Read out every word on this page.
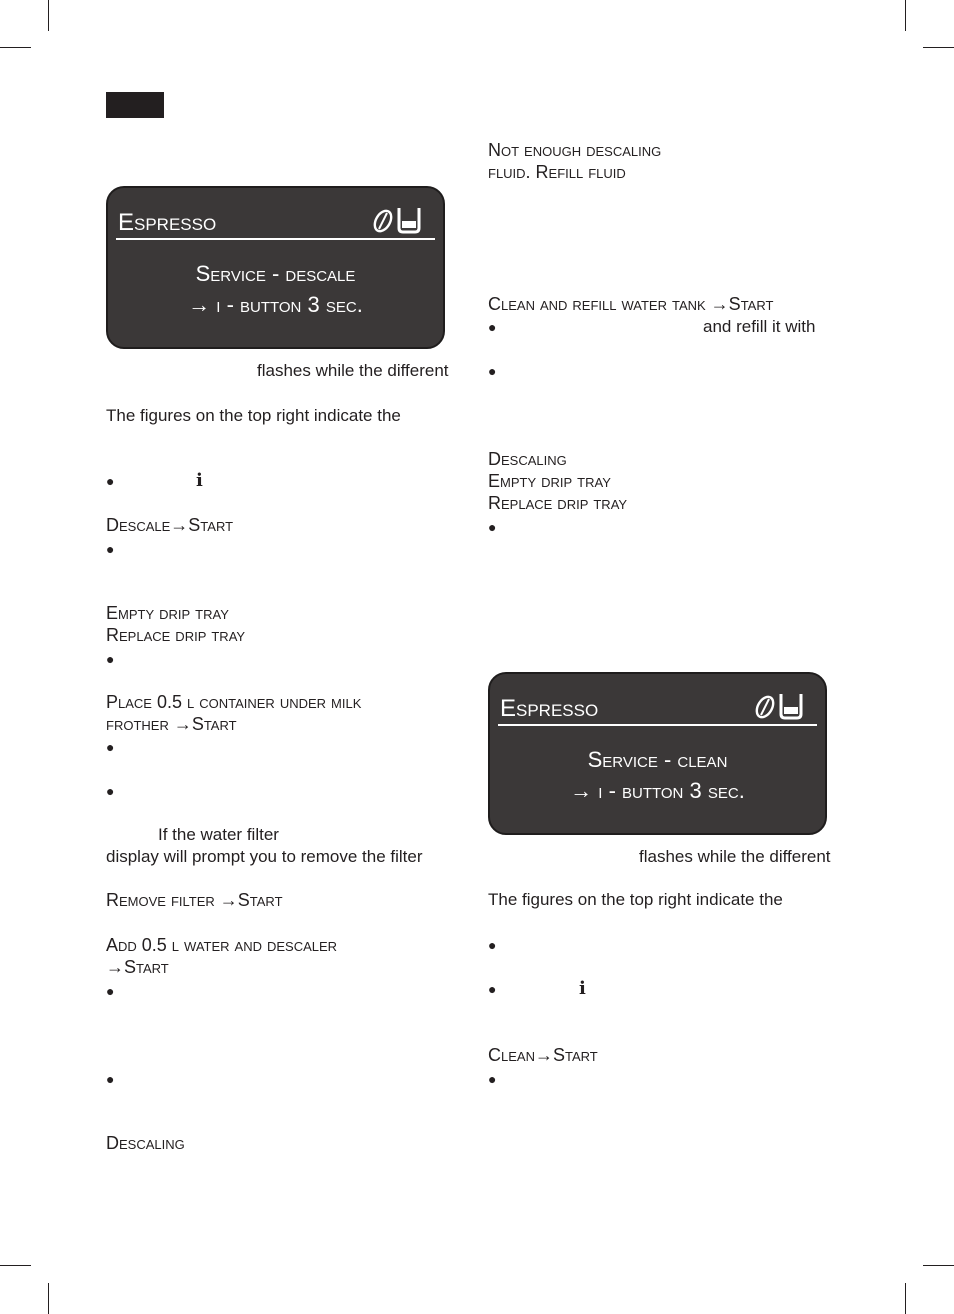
Espresso
Service - descale
→ i - button 3 sec.
flashes while the different
The figures on the top right indicate the
●	i
Descale→Start
●
Empty drip tray
Replace drip tray
●
Place 0.5 l container under milk
frother →Start
●
●
If the water filter
display will prompt you to remove the filter
Remove filter →Start
Add 0.5 l water and descaler
→Start
●
●
Descaling
Not enough descaling
fluid. Refill fluid
Clean and refill water tank →Start
●	and refill it with
●
Descaling
Empty drip tray
Replace drip tray
●
Espresso
Service - clean
→ i - button 3 sec.
flashes while the different
The figures on the top right indicate the
●
●	i
Clean→Start
●
